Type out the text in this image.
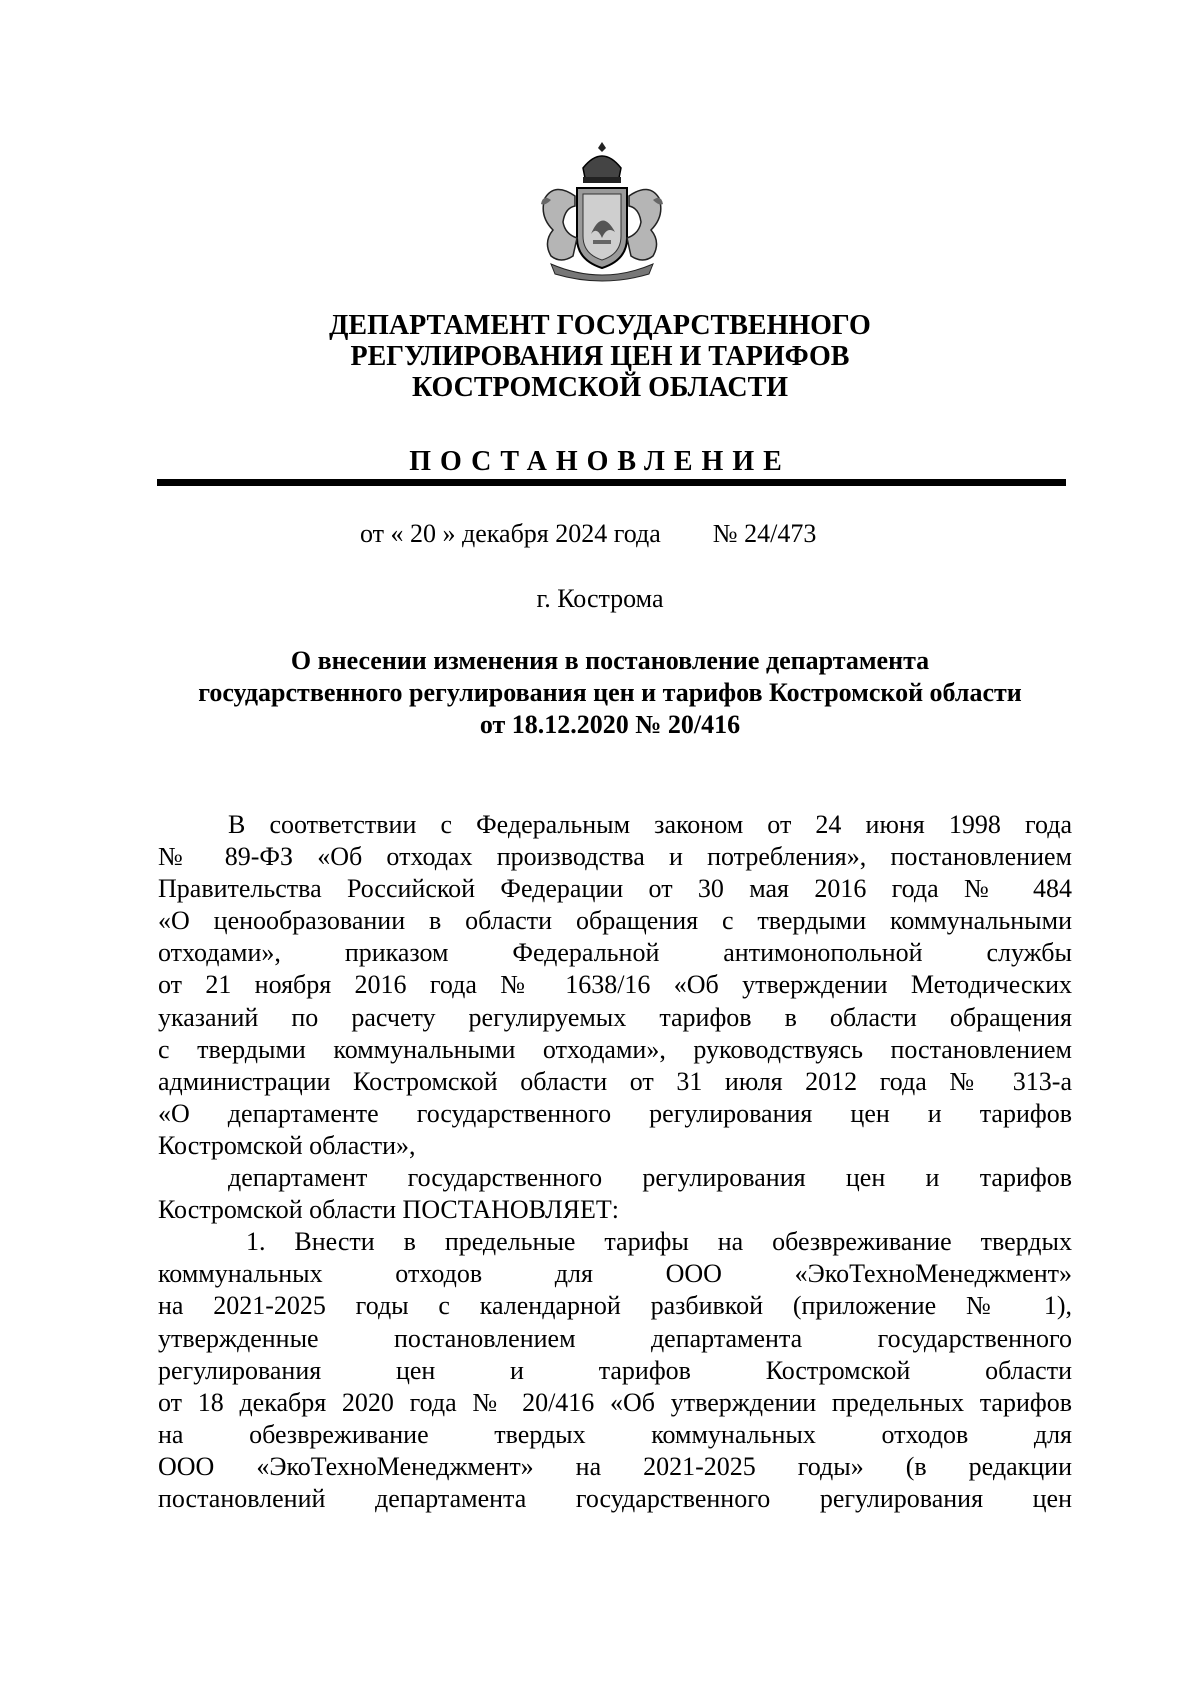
ДЕПАРТАМЕНТ ГОСУДАРСТВЕННОГО
РЕГУЛИРОВАНИЯ ЦЕН И ТАРИФОВ
КОСТРОМСКОЙ ОБЛАСТИ
ПОСТАНОВЛЕНИЕ
от « 20 » декабря 2024 года № 24/473
г. Кострома
О внесении изменения в постановление департамента
государственного регулирования цен и тарифов Костромской области
от 18.12.2020 № 20/416
В соответствии с Федеральным законом от 24 июня 1998 года
№ 89-ФЗ «Об отходах производства и потребления», постановлением
Правительства Российской Федерации от 30 мая 2016 года № 484
«О ценообразовании в области обращения с твердыми коммунальными
отходами», приказом Федеральной антимонопольной службы
от 21 ноября 2016 года № 1638/16 «Об утверждении Методических
указаний по расчету регулируемых тарифов в области обращения
с твердыми коммунальными отходами», руководствуясь постановлением
администрации Костромской области от 31 июля 2012 года № 313-а
«О департаменте государственного регулирования цен и тарифов
Костромской области»,
департамент государственного регулирования цен и тарифов
Костромской области ПОСТАНОВЛЯЕТ:
1. Внести в предельные тарифы на обезвреживание твердых
коммунальных отходов для ООО «ЭкоТехноМенеджмент»
на 2021-2025 годы с календарной разбивкой (приложение № 1),
утвержденные постановлением департамента государственного
регулирования цен и тарифов Костромской области
от 18 декабря 2020 года № 20/416 «Об утверждении предельных тарифов
на обезвреживание твердых коммунальных отходов для
ООО «ЭкоТехноМенеджмент» на 2021-2025 годы» (в редакции
постановлений департамента государственного регулирования цен
